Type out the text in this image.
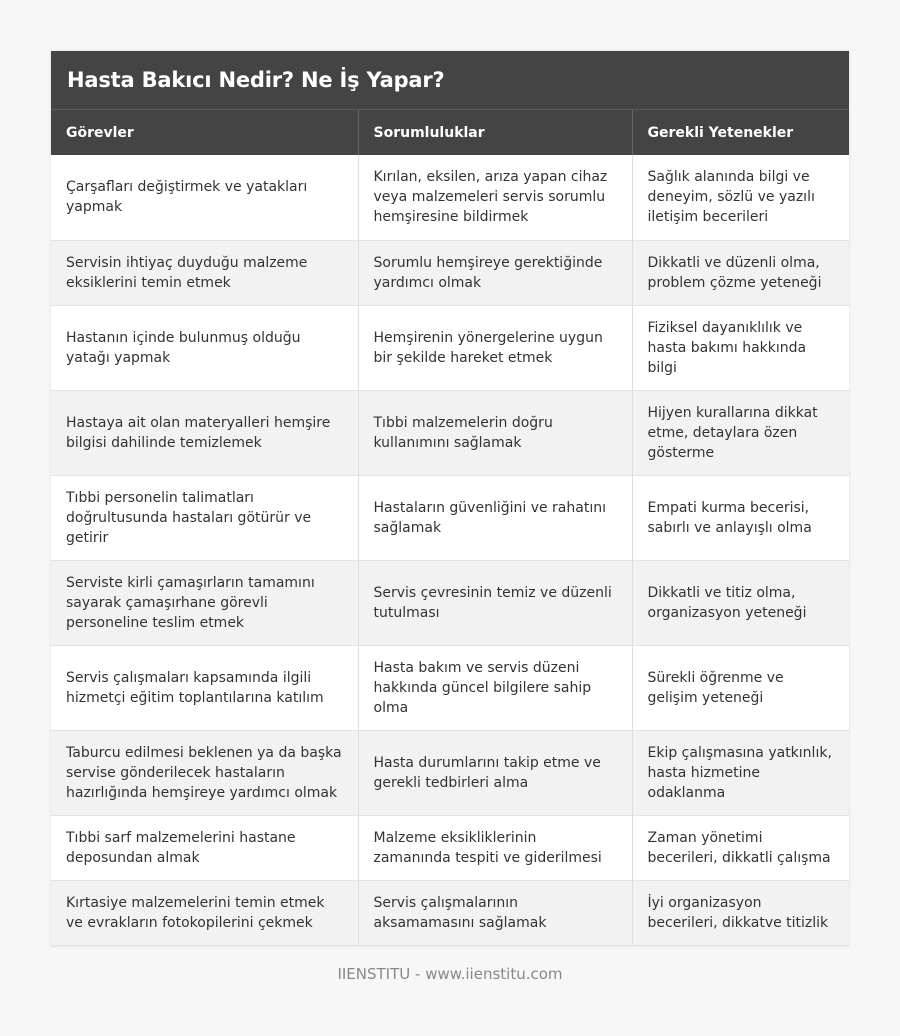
Hasta Bakıcı Nedir? Ne İş Yapar?
Görevler	Sorumluluklar	Gerekli Yetenekler
Çarşafları değiştirmek ve yatakları yapmak	Kırılan, eksilen, arıza yapan cihaz veya malzemeleri servis sorumlu hemşiresine bildirmek	Sağlık alanında bilgi ve deneyim, sözlü ve yazılı iletişim becerileri
Servisin ihtiyaç duyduğu malzeme eksiklerini temin etmek	Sorumlu hemşireye gerektiğinde yardımcı olmak	Dikkatli ve düzenli olma, problem çözme yeteneği
Hastanın içinde bulunmuş olduğu yatağı yapmak	Hemşirenin yönergelerine uygun bir şekilde hareket etmek	Fiziksel dayanıklılık ve hasta bakımı hakkında bilgi
Hastaya ait olan materyalleri hemşire bilgisi dahilinde temizlemek	Tıbbi malzemelerin doğru kullanımını sağlamak	Hijyen kurallarına dikkat etme, detaylara özen gösterme
Tıbbi personelin talimatları doğrultusunda hastaları götürür ve getirir	Hastaların güvenliğini ve rahatını sağlamak	Empati kurma becerisi, sabırlı ve anlayışlı olma
Serviste kirli çamaşırların tamamını sayarak çamaşırhane görevli personeline teslim etmek	Servis çevresinin temiz ve düzenli tutulması	Dikkatli ve titiz olma, organizasyon yeteneği
Servis çalışmaları kapsamında ilgili hizmetçi eğitim toplantılarına katılım	Hasta bakım ve servis düzeni hakkında güncel bilgilere sahip olma	Sürekli öğrenme ve gelişim yeteneği
Taburcu edilmesi beklenen ya da başka servise gönderilecek hastaların hazırlığında hemşireye yardımcı olmak	Hasta durumlarını takip etme ve gerekli tedbirleri alma	Ekip çalışmasına yatkınlık, hasta hizmetine odaklanma
Tıbbi sarf malzemelerini hastane deposundan almak	Malzeme eksikliklerinin zamanında tespiti ve giderilmesi	Zaman yönetimi becerileri, dikkatli çalışma
Kırtasiye malzemelerini temin etmek ve evrakların fotokopilerini çekmek	Servis çalışmalarının aksamamasını sağlamak	İyi organizasyon becerileri, dikkatve titizlik
IIENSTITU - www.iienstitu.com
